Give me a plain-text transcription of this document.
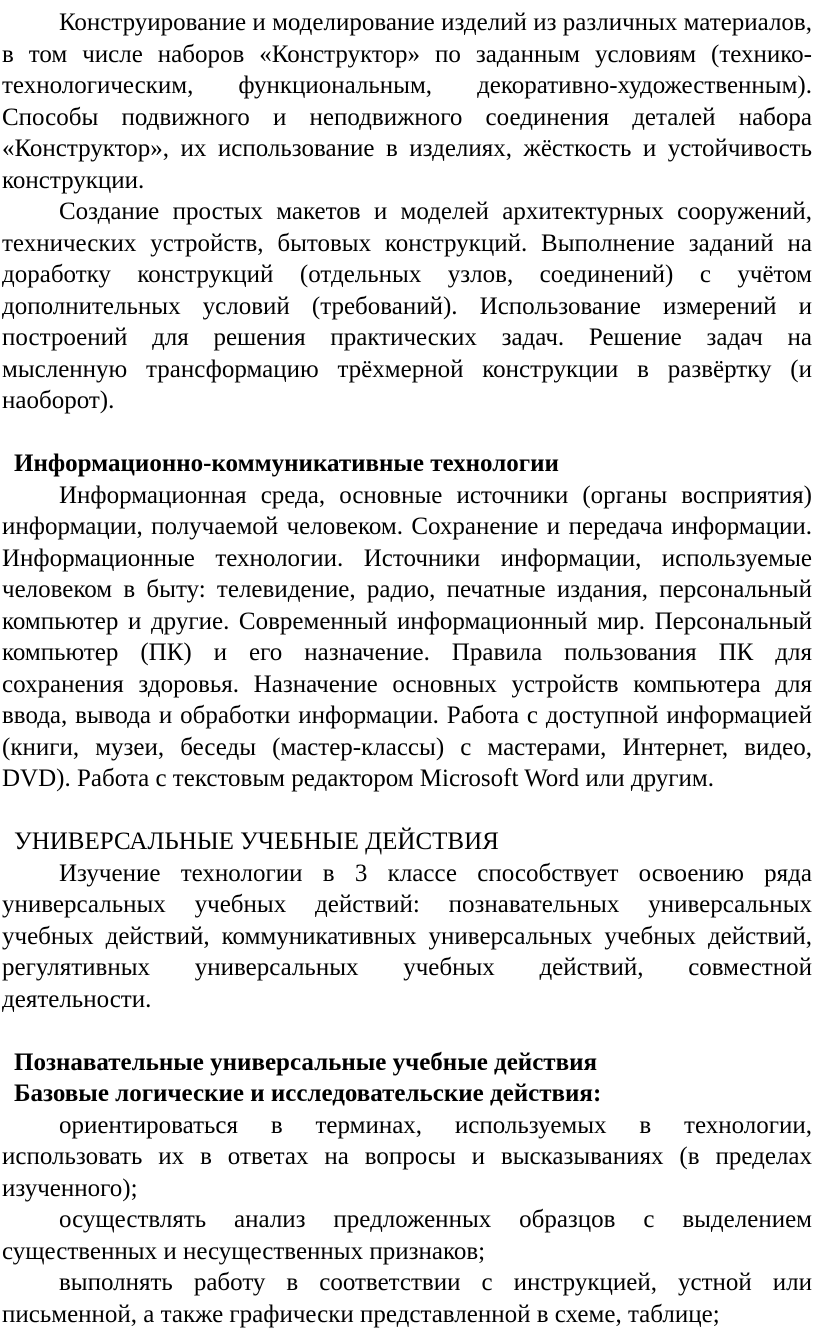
Конструирование и моделирование изделий из различных материалов, в том числе наборов «Конструктор» по заданным условиям (технико-технологическим, функциональным, декоративно-художественным). Способы подвижного и неподвижного соединения деталей набора «Конструктор», их использование в изделиях, жёсткость и устойчивость конструкции.

Создание простых макетов и моделей архитектурных сооружений, технических устройств, бытовых конструкций. Выполнение заданий на доработку конструкций (отдельных узлов, соединений) с учётом дополнительных условий (требований). Использование измерений и построений для решения практических задач. Решение задач на мысленную трансформацию трёхмерной конструкции в развёртку (и наоборот).

Информационно-коммуникативные технологии

Информационная среда, основные источники (органы восприятия) информации, получаемой человеком. Сохранение и передача информации. Информационные технологии. Источники информации, используемые человеком в быту: телевидение, радио, печатные издания, персональный компьютер и другие. Современный информационный мир. Персональный компьютер (ПК) и его назначение. Правила пользования ПК для сохранения здоровья. Назначение основных устройств компьютера для ввода, вывода и обработки информации. Работа с доступной информацией (книги, музеи, беседы (мастер-классы) с мастерами, Интернет, видео, DVD). Работа с текстовым редактором Microsoft Word или другим.

УНИВЕРСАЛЬНЫЕ УЧЕБНЫЕ ДЕЙСТВИЯ

Изучение технологии в 3 классе способствует освоению ряда универсальных учебных действий: познавательных универсальных учебных действий, коммуникативных универсальных учебных действий, регулятивных универсальных учебных действий, совместной деятельности.

Познавательные универсальные учебные действия

Базовые логические и исследовательские действия:

ориентироваться в терминах, используемых в технологии, использовать их в ответах на вопросы и высказываниях (в пределах изученного);

осуществлять анализ предложенных образцов с выделением существенных и несущественных признаков;

выполнять работу в соответствии с инструкцией, устной или письменной, а также графически представленной в схеме, таблице;
